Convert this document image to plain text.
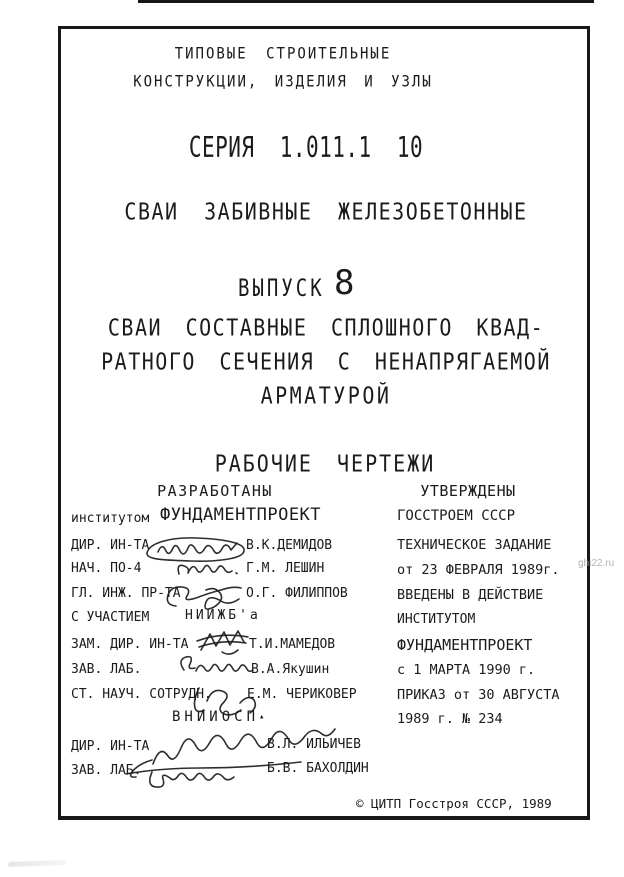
ТИПОВЫЕ СТРОИТЕЛЬНЫЕ
КОНСТРУКЦИИ, ИЗДЕЛИЯ И УЗЛЫ
СЕРИЯ 1.011.1 10
СВАИ ЗАБИВНЫЕ ЖЕЛЕЗОБЕТОННЫЕ
ВЫПУСК 8
СВАИ СОСТАВНЫЕ СПЛОШНОГО КВАД-
РАТНОГО СЕЧЕНИЯ С НЕНАПРЯГАЕМОЙ
АРМАТУРОЙ
РАБОЧИЕ ЧЕРТЕЖИ
РАЗРАБОТАНЫ	УТВЕРЖДЕНЫ
институтом ФУНДАМЕНТПРОЕКТ	ГОССТРОЕМ СССР
ДИР. ИН-ТА	В.К.ДЕМИДОВ
НАЧ. ПО-4	Г.М. ЛЕШИН
ГЛ. ИНЖ. ПР-ТА	О.Г. ФИЛИППОВ
С УЧАСТИЕМ	НИИЖБ'а
ЗАМ. ДИР. ИН-ТА	Т.И.МАМЕДОВ
ЗАВ. ЛАБ.	В.А.Якушин
СТ. НАУЧ. СОТРУДН.	Е.М. ЧЕРИКОВЕР
ВНИИОСП▴
ДИР. ИН-ТА	В.Л. ИЛЬИЧЕВ
ЗАВ. ЛАБ.	Б.В. БАХОЛДИН
ТЕХНИЧЕСКОЕ ЗАДАНИЕ
от 23 ФЕВРАЛЯ 1989г.
ВВЕДЕНЫ В ДЕЙСТВИЕ
ИНСТИТУТОМ
ФУНДАМЕНТПРОЕКТ
с 1 МАРТА 1990 г.
ПРИКАЗ от 30 АВГУСТА
1989 г. № 234
© ЦИТП Госстроя СССР, 1989
gbi22.ru
